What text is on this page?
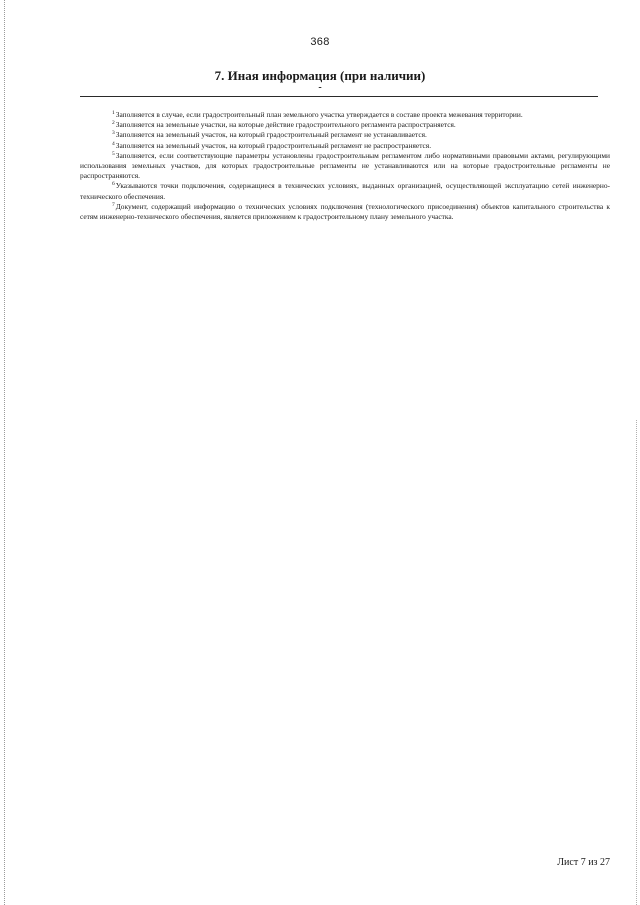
368
7. Иная информация (при наличии)
-

$^1$Заполняется в случае, если градостроительный план земельного участка утверждается в составе проекта межевания территории.

$^2$Заполняется на земельные участки, на которые действие градостроительного регламента распространяется.

$^3$Заполняется на земельный участок, на который градостроительный регламент не устанавливается.

$^4$Заполняется на земельный участок, на который градостроительный регламент не распространяется.

$^5$Заполняется, если соответствующие параметры установлены градостроительным регламентом либо нормативными правовыми актами, регулирующими использования земельных участков, для которых градостроительные регламенты не устанавливаются или на которые градостроительные регламенты не распространяются.

$^6$Указываются точки подключения, содержащиеся в технических условиях, выданных организацией, осуществляющей эксплуатацию сетей инженерно-технического обеспечения.

$^7$Документ, содержащий информацию о технических условиях подключения (технологического присоединения) объектов капитального строительства к сетям инженерно-технического обеспечения, является приложением к градостроительному плану земельного участка.

Лист 7 из 27
